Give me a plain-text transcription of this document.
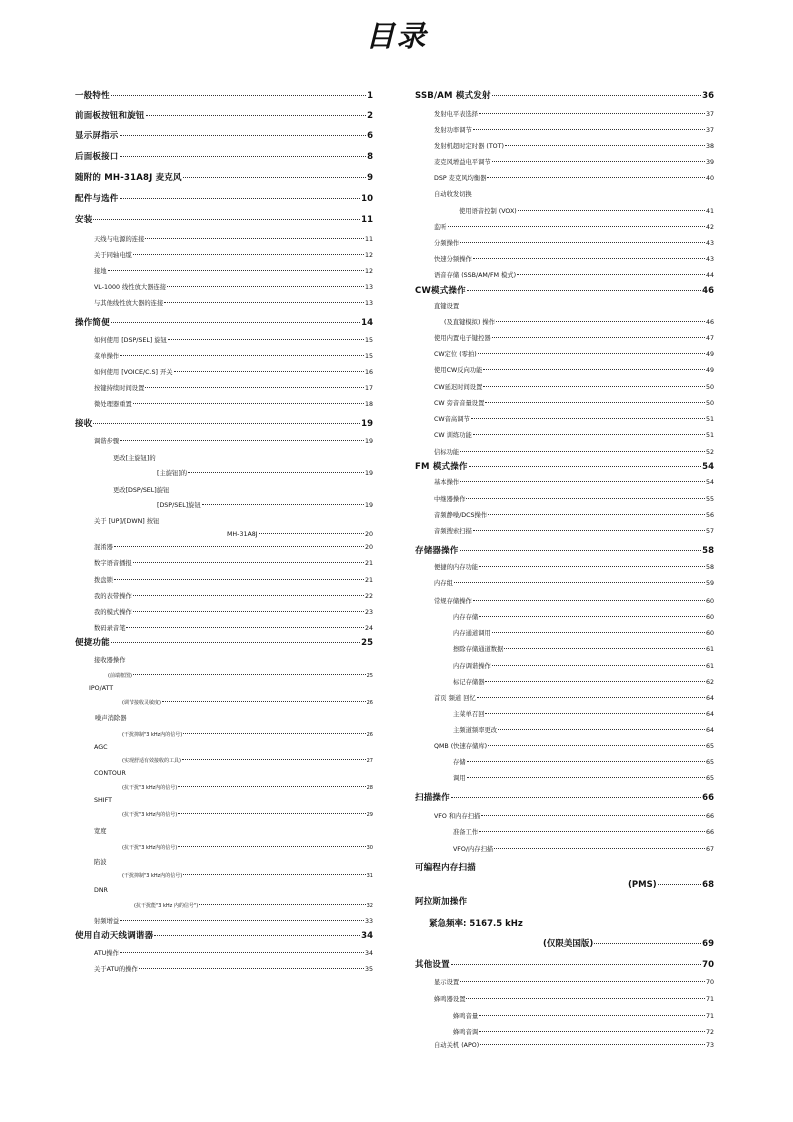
目录
一般特性	1
前面板按钮和旋钮	2
显示屏指示	6
后面板接口	8
随附的 MH-31A8J 麦克风	9
配件与选件	10
安装	11
天线与电源的连接	11
关于同轴电缆	12
接地	12
VL-1000 线性放大器连接	13
与其他线性放大器的连接	13
操作简便	14
如何使用 [DSP/SEL] 旋钮	15
菜单操作	15
如何使用 [VOICE/C.S] 开关	16
按键持续时间设置	17
微处理器重置	18
接收	19
调谐步骤	19
更改[主旋钮]的
[主旋钮]的	19
更改[DSP/SEL]旋钮
[DSP/SEL]旋钮	19
关于 [UP]/[DWN] 按钮
MH-31A8J	20
混淆器	20
数字语音播报	21
拨盘锁	21
我的表带操作	22
我的模式操作	23
数码录音笔	24
便捷功能	25
接收器操作
(前端框图)	25
IPO/ATT
(调节接收灵敏度)	26
噪声消除器
(干扰抑制"3 kHz内的信号)	26
AGC
(实现舒适有效接收的工具)	27
CONTOUR
(抗干扰"3 kHz内的信号)	28
SHIFT
(抗干扰"3 kHz内的信号)	29
宽度
(抗干扰"3 kHz内的信号)	30
陷波
(干扰抑制"3 kHz内的信号)	31
DNR
(抗干扰能"3 kHz 内的信号")	32
射频增益	33
使用自动天线调谐器	34
ATU操作	34
关于ATU的操作	35
SSB/AM 模式发射	36
发射电平表选择	37
发射功率调节	37
发射机超时定时器 (TOT)	38
麦克风增益电平调节	39
DSP 麦克风均衡器	40
自动收发切换
使用语音控制 (VOX)	41
监听	42
分频操作	43
快速分频操作	43
语音存储 (SSB/AM/FM 模式)	44
CW模式操作	46
直键设置
(及直键模拟) 操作	46
使用内置电子键控器	47
CW定位 (零拍)	49
使用CW反向功能	49
CW延迟时间设置	50
CW 旁音音量设置	50
CW音高调节	51
CW 训练功能	51
信标功能	52
FM 模式操作	54
基本操作	54
中继器操作	55
音频静噪/DCS操作	56
音频搜索扫描	57
存储器操作	58
便捷的内存功能	58
内存组	59
常规存储操作	60
内存存储	60
内存通道调用	60
擦除存储通道数据	61
内存调谐操作	61
标记存储器	62
首页 频道 回忆	64
主菜单召回	64
主频道频率更改	64
QMB (快速存储库)	65
存储	65
调用	65
扫描操作	66
VFO 和内存扫描	66
准备工作	66
VFO/内存扫描	67
可编程内存扫描
(PMS)	68
阿拉斯加操作
紧急频率: 5167.5 kHz
(仅限美国版)	69
其他设置	70
显示设置	70
蜂鸣器设置	71
蜂鸣音量	71
蜂鸣音调	72
自动关机 (APO)	73
